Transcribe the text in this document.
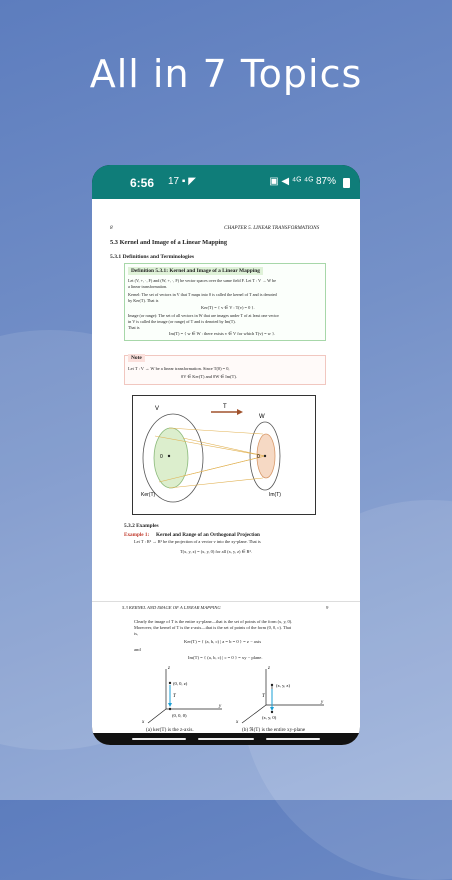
All in 7 Topics
6:56 17 ▪ ◤	▣ ◀ ⁴ᴳ ⁴ᴳ 87%
8	CHAPTER 5. LINEAR TRANSFORMATIONS
5.3 Kernel and Image of a Linear Mapping
5.3.1 Definitions and Terminologies
Definition 5.3.1: Kernel and Image of a Linear Mapping
Let (V, +, ·, F) and (W, +, ·, F) be vector spaces over the same field F. Let T : V → W be
a linear transformation.
Kernel: The set of vectors in V that T maps into 0 is called the kernel of T and is denoted
by Ker(T). That is
Ker(T) = { v ∈ V : T(v) = 0 }.
Image (or range): The set of all vectors in W that are images under T of at least one vector
in V is called the image (or range) of T and is denoted by Im(T).
That is
Im(T) = { w ∈ W : there exists v ∈ V for which T(v) = w }.
Note
Let T : V → W be a linear transformation. Since T(0) = 0,
0V ∈ Ker(T) and 0W ∈ Im(T).
T
V
W
0	0
Ker(T)	Im(T)
5.3.2 Examples
Example 1: Kernel and Range of an Orthogonal Projection
Let T : R³ → R³ be the projection of a vector v into the xy-plane. That is
T(x, y, z) = (x, y, 0) for all (x, y, z) ∈ R³.
5.3 KERNEL AND IMAGE OF A LINEAR MAPPING	9
Clearly the image of T is the entire xy-plane—that is the set of points of the form (x, y, 0).
Moreover, the kernel of T is the z-axis—that is the set of points of the form (0, 0, c). That
is,
Ker(T) = { (a, b, c) | a = b = 0 } = z − axis
and
Im(T) = { (a, b, c) | c = 0 } = xy − plane.
z
x
y
T
(0, 0, z)
(0, 0, 0)
(a) ker(T) is the z-axis.
z
x
y
T
(x, y, z)
(x, y, 0)
(b) ℜ(T) is the entire xy-plane
